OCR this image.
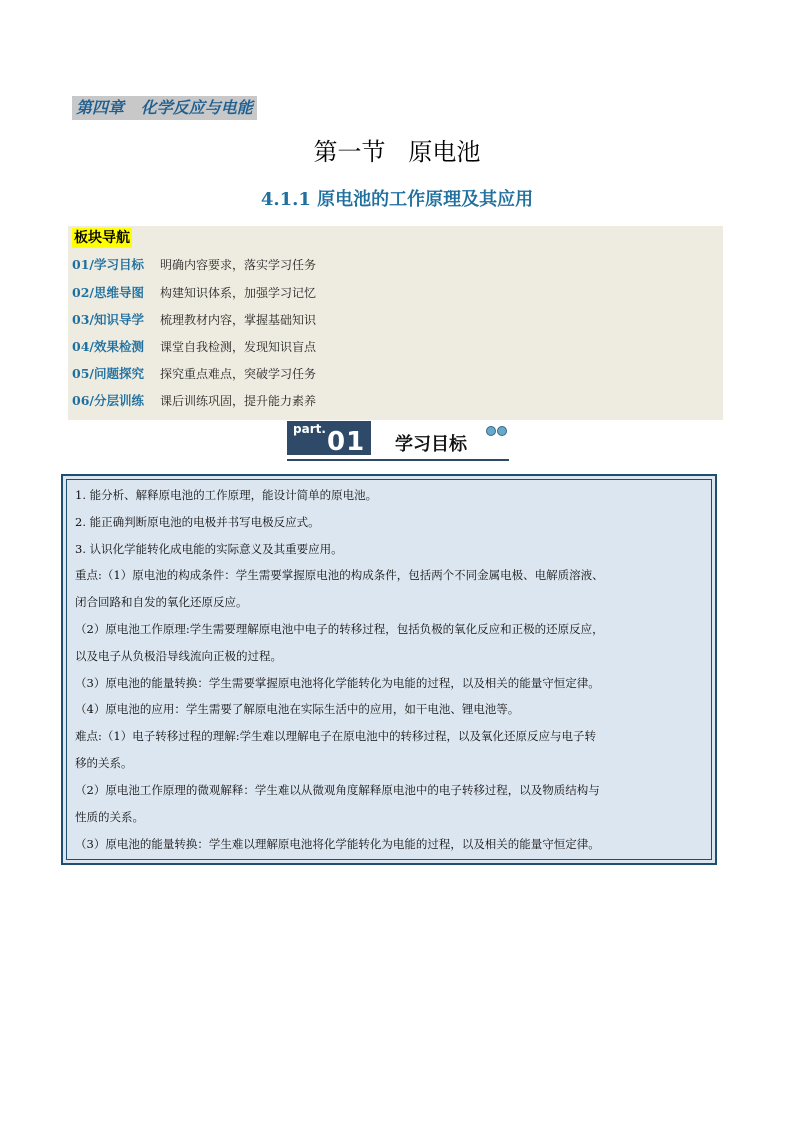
第四章   化学反应与电能
第一节   原电池
4.1.1 原电池的工作原理及其应用
板块导航
01/学习目标 明确内容要求，落实学习任务
02/思维导图 构建知识体系，加强学习记忆
03/知识导学 梳理教材内容，掌握基础知识
04/效果检测 课堂自我检测，发现知识盲点
05/问题探究 探究重点难点，突破学习任务
06/分层训练 课后训练巩固，提升能力素养
part. 01 学习目标
1. 能分析、解释原电池的工作原理，能设计简单的原电池。
2. 能正确判断原电池的电极并书写电极反应式。
3. 认识化学能转化成电能的实际意义及其重要应用。
重点:（1）原电池的构成条件：学生需要掌握原电池的构成条件，包括两个不同金属电极、电解质溶液、
闭合回路和自发的氧化还原反应。
（2）原电池工作原理:学生需要理解原电池中电子的转移过程，包括负极的氧化反应和正极的还原反应，
以及电子从负极沿导线流向正极的过程。
（3）原电池的能量转换：学生需要掌握原电池将化学能转化为电能的过程，以及相关的能量守恒定律。
（4）原电池的应用：学生需要了解原电池在实际生活中的应用，如干电池、锂电池等。
难点:（1）电子转移过程的理解:学生难以理解电子在原电池中的转移过程，以及氧化还原反应与电子转
移的关系。
（2）原电池工作原理的微观解释：学生难以从微观角度解释原电池中的电子转移过程，以及物质结构与
性质的关系。
（3）原电池的能量转换：学生难以理解原电池将化学能转化为电能的过程，以及相关的能量守恒定律。
